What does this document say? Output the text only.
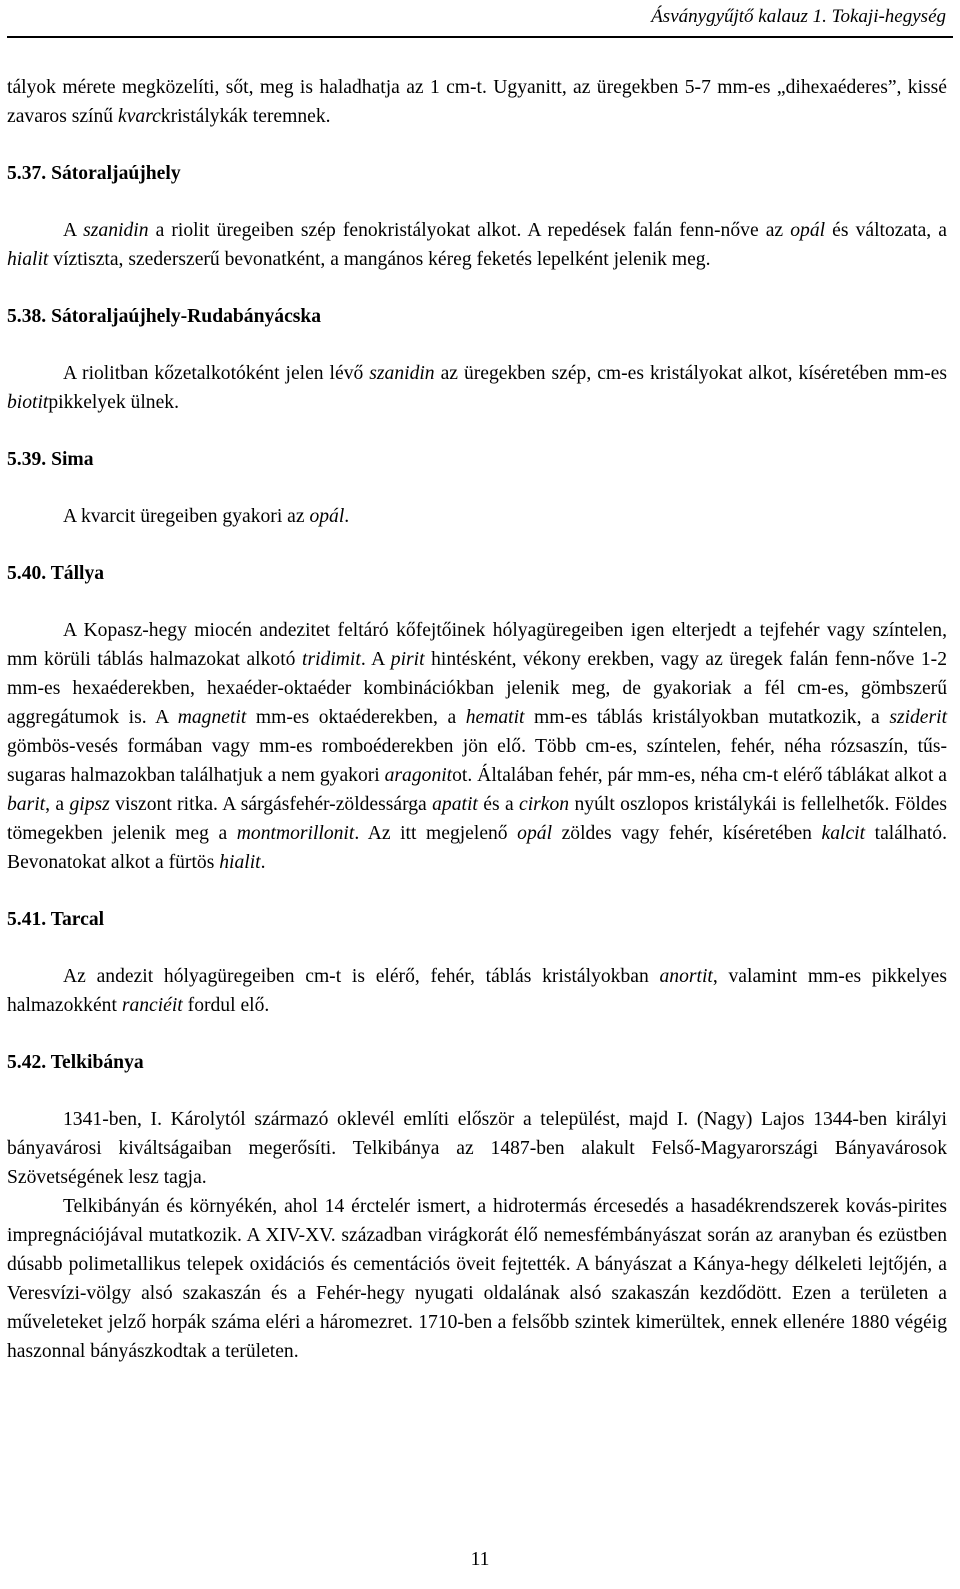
Ásványgyűjtő kalauz 1. Tokaji-hegység

tályok mérete megközelíti, sőt, meg is haladhatja az 1 cm-t. Ugyanitt, az üregekben 5-7 mm-es „dihexaéderes”, kissé zavaros színű kvarckristálykák teremnek.

5.37. Sátoraljaújhely

A szanidin a riolit üregeiben szép fenokristályokat alkot. A repedések falán fenn-nőve az opál és változata, a hialit víztiszta, szederszerű bevonatként, a mangános kéreg feketés lepelként jelenik meg.

5.38. Sátoraljaújhely-Rudabányácska

A riolitban kőzetalkotóként jelen lévő szanidin az üregekben szép, cm-es kristályokat alkot, kíséretében mm-es biotitpikkelyek ülnek.

5.39. Sima

A kvarcit üregeiben gyakori az opál.

5.40. Tállya

A Kopasz-hegy miocén andezitet feltáró kőfejtőinek hólyagüregeiben igen elterjedt a tejfehér vagy színtelen, mm körüli táblás halmazokat alkotó tridimit. A pirit hintésként, vékony erekben, vagy az üregek falán fenn-nőve 1-2 mm-es hexaéderekben, hexaéder-oktaéder kombinációkban jelenik meg, de gyakoriak a fél cm-es, gömbszerű aggregátumok is. A magnetit mm-es oktaéderekben, a hematit mm-es táblás kristályokban mutatkozik, a sziderit gömbös-vesés formában vagy mm-es romboéderekben jön elő. Több cm-es, színtelen, fehér, néha rózsaszín, tűs-sugaras halmazokban találhatjuk a nem gyakori aragonitot. Általában fehér, pár mm-es, néha cm-t elérő táblákat alkot a barit, a gipsz viszont ritka. A sárgásfehér-zöldessárga apatit és a cirkon nyúlt oszlopos kristálykái is fellelhetők. Földes tömegekben jelenik meg a montmorillonit. Az itt megjelenő opál zöldes vagy fehér, kíséretében kalcit található. Bevonatokat alkot a fürtös hialit.

5.41. Tarcal

Az andezit hólyagüregeiben cm-t is elérő, fehér, táblás kristályokban anortit, valamint mm-es pikkelyes halmazokként ranciéit fordul elő.

5.42. Telkibánya

1341-ben, I. Károlytól származó oklevél említi először a települést, majd I. (Nagy) Lajos 1344-ben királyi bányavárosi kiváltságaiban megerősíti. Telkibánya az 1487-ben alakult Felső-Magyarországi Bányavárosok Szövetségének lesz tagja.

Telkibányán és környékén, ahol 14 érctelér ismert, a hidrotermás ércesedés a hasadékrendszerek kovás-pirites impregnációjával mutatkozik. A XIV-XV. században virágkorát élő nemesfémbányászat során az aranyban és ezüstben dúsabb polimetallikus telepek oxidációs és cementációs öveit fejtették. A bányászat a Kánya-hegy délkeleti lejtőjén, a Veresvízi-völgy alsó szakaszán és a Fehér-hegy nyugati oldalának alsó szakaszán kezdődött. Ezen a területen a műveleteket jelző horpák száma eléri a háromezret. 1710-ben a felsőbb szintek kimerültek, ennek ellenére 1880 végéig haszonnal bányászkodtak a területen.

11
